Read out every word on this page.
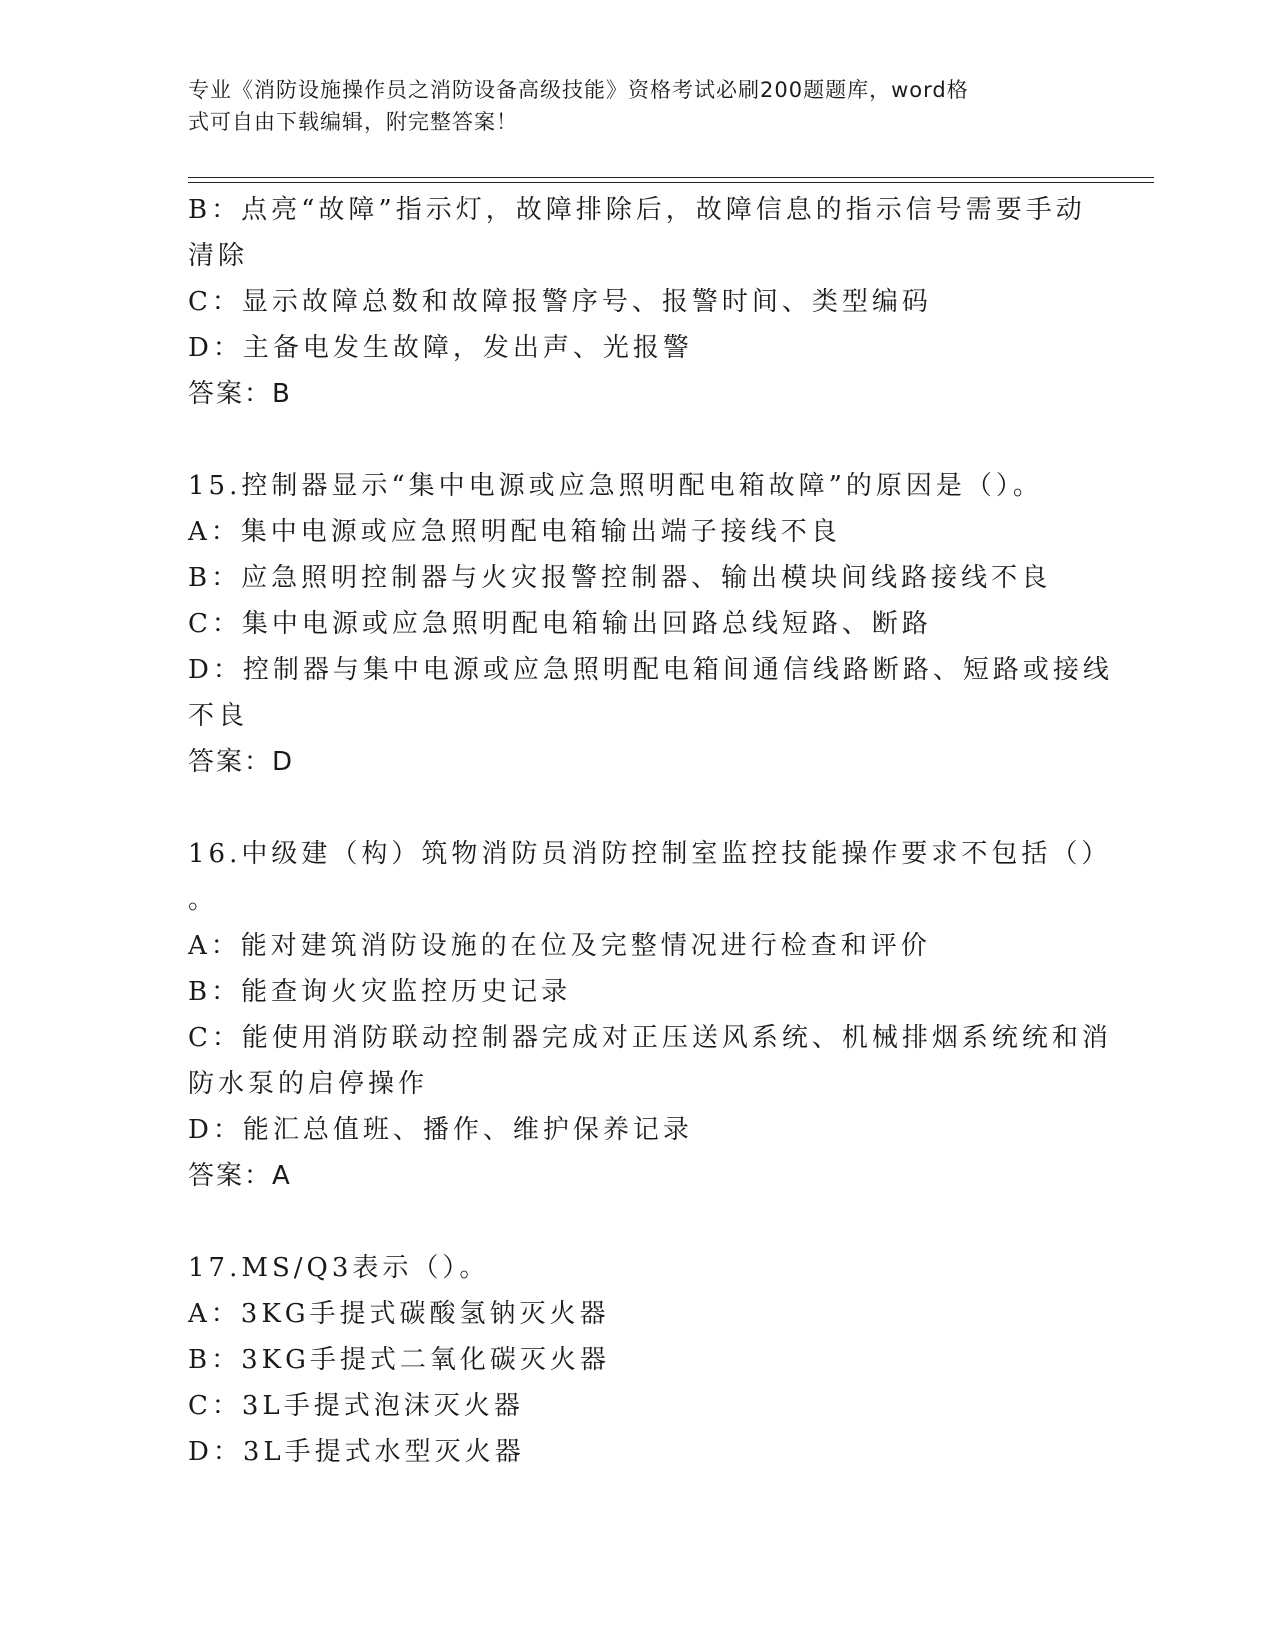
专业《消防设施操作员之消防设备高级技能》资格考试必刷200题题库，word格
式可自由下载编辑，附完整答案！
B：点亮“故障”指示灯，故障排除后，故障信息的指示信号需要手动
清除
C：显示故障总数和故障报警序号、报警时间、类型编码
D：主备电发生故障，发出声、光报警
答案：B
15.控制器显示“集中电源或应急照明配电箱故障”的原因是（）。
A：集中电源或应急照明配电箱输出端子接线不良
B：应急照明控制器与火灾报警控制器、输出模块间线路接线不良
C：集中电源或应急照明配电箱输出回路总线短路、断路
D：控制器与集中电源或应急照明配电箱间通信线路断路、短路或接线
不良
答案：D
16.中级建（构）筑物消防员消防控制室监控技能操作要求不包括（）
。
A：能对建筑消防设施的在位及完整情况进行检查和评价
B：能查询火灾监控历史记录
C：能使用消防联动控制器完成对正压送风系统、机械排烟系统统和消
防水泵的启停操作
D：能汇总值班、播作、维护保养记录
答案：A
17.MS/Q3表示（）。
A：3KG手提式碳酸氢钠灭火器
B：3KG手提式二氧化碳灭火器
C：3L手提式泡沫灭火器
D：3L手提式水型灭火器
